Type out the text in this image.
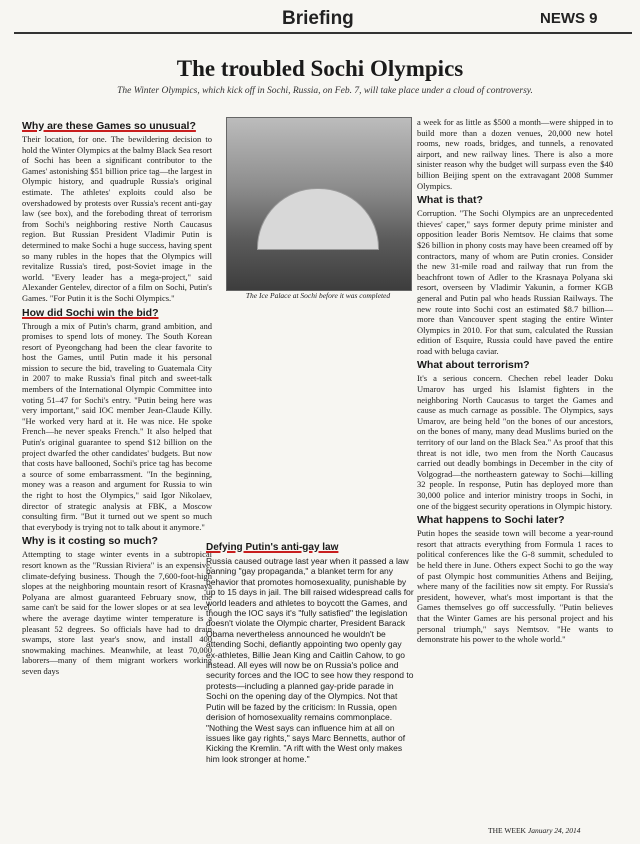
Briefing	NEWS 9
The troubled Sochi Olympics
The Winter Olympics, which kick off in Sochi, Russia, on Feb. 7, will take place under a cloud of controversy.
Why are these Games so unusual?

Their location, for one. The bewildering decision to hold the Winter Olympics at the balmy Black Sea resort of Sochi has been a significant contributor to the Games' astonishing $51 billion price tag—the largest in Olympic history, and quadruple Russia's original estimate. The athletes' exploits could also be overshadowed by protests over Russia's recent anti-gay law (see box), and the foreboding threat of terrorism from Sochi's neighboring restive North Caucasus region. But Russian President Vladimir Putin is determined to make Sochi a huge success, having spent so many rubles in the hopes that the Olympics will revitalize Russia's tired, post-Soviet image in the world. "Every leader has a mega-project," said Alexander Gentelev, director of a film on Sochi, Putin's Games. "For Putin it is the Sochi Olympics."

How did Sochi win the bid?

Through a mix of Putin's charm, grand ambition, and promises to spend lots of money. The South Korean resort of Pyeongchang had been the clear favorite to host the Games, until Putin made it his personal mission to secure the bid, traveling to Guatemala City in 2007 to make Russia's final pitch and sweet-talk members of the International Olympic Committee into voting 51–47 for Sochi's entry. "Putin being here was very important," said IOC member Jean-Claude Killy. "He worked very hard at it. He was nice. He spoke French—he never speaks French." It also helped that Putin's original guarantee to spend $12 billion on the project dwarfed the other candidates' budgets. But now that costs have ballooned, Sochi's price tag has become a source of some embarrassment. "In the beginning, money was a reason and argument for Russia to win the right to host the Olympics," said Igor Nikolaev, director of strategic analysis at FBK, a Moscow consulting firm. "But it turned out we spent so much that everybody is trying not to talk about it anymore."

Why is it costing so much?

Attempting to stage winter events in a subtropical resort known as the "Russian Riviera" is an expensive, climate-defying business. Though the 7,600-foot-high slopes at the neighboring mountain resort of Krasnaya Polyana are almost guaranteed February snow, the same can't be said for the lower slopes or at sea level, where the average daytime winter temperature is a pleasant 52 degrees. So officials have had to drain swamps, store last year's snow, and install 400 snowmaking machines. Meanwhile, at least 70,000 laborers—many of them migrant workers working seven days

The Ice Palace at Sochi before it was completed

a week for as little as $500 a month—were shipped in to build more than a dozen venues, 20,000 new hotel rooms, new roads, bridges, and tunnels, a renovated airport, and new railway lines. There is also a more sinister reason why the budget will surpass even the $40 billion Beijing spent on the extravagant 2008 Summer Olympics.

What is that?

Corruption. "The Sochi Olympics are an unprecedented thieves' caper," says former deputy prime minister and opposition leader Boris Nemtsov. He claims that some $26 billion in phony costs may have been creamed off by contractors, many of whom are Putin cronies. Consider the new 31-mile road and railway that run from the beachfront town of Adler to the Krasnaya Polyana ski resort, overseen by Vladimir Yakunin, a former KGB general and Putin pal who heads Russian Railways. The new route into Sochi cost an estimated $8.7 billion—more than Vancouver spent staging the entire Winter Olympics in 2010. For that sum, calculated the Russian edition of Esquire, Russia could have paved the entire road with beluga caviar.

What about terrorism?

It's a serious concern. Chechen rebel leader Doku Umarov has urged his Islamist fighters in the neighboring North Caucasus to target the Games and cause as much carnage as possible. The Olympics, says Umarov, are being held "on the bones of our ancestors, on the bones of many, many dead Muslims buried on the territory of our land on the Black Sea." As proof that this threat is not idle, two men from the North Caucasus carried out deadly bombings in December in the city of Volgograd—the northeastern gateway to Sochi—killing 32 people. In response, Putin has deployed more than 30,000 police and interior ministry troops in Sochi, in one of the biggest security operations in Olympic history.

What happens to Sochi later?

Putin hopes the seaside town will become a year-round resort that attracts everything from Formula 1 races to political conferences like the G-8 summit, scheduled to be held there in June. Others expect Sochi to go the way of past Olympic host communities Athens and Beijing, where many of the facilities now sit empty. For Russia's president, however, what's most important is that the Games themselves go off successfully. "Putin believes that the Winter Games are his personal project and his personal triumph," says Nemtsov. "He wants to demonstrate his power to the whole world."

Defying Putin's anti-gay law

Russia caused outrage last year when it passed a law banning "gay propaganda," a blanket term for any behavior that promotes homosexuality, punishable by up to 15 days in jail. The bill raised widespread calls for world leaders and athletes to boycott the Games, and though the IOC says it's "fully satisfied" the legislation doesn't violate the Olympic charter, President Barack Obama nevertheless announced he wouldn't be attending Sochi, defiantly appointing two openly gay ex-athletes, Billie Jean King and Caitlin Cahow, to go instead. All eyes will now be on Russia's police and security forces and the IOC to see how they respond to protests—including a planned gay-pride parade in Sochi on the opening day of the Olympics. Not that Putin will be fazed by the criticism: In Russia, open derision of homosexuality remains commonplace. "Nothing the West says can influence him at all on issues like gay rights," says Marc Bennetts, author of Kicking the Kremlin. "A rift with the West only makes him look stronger at home."

THE WEEK January 24, 2014
